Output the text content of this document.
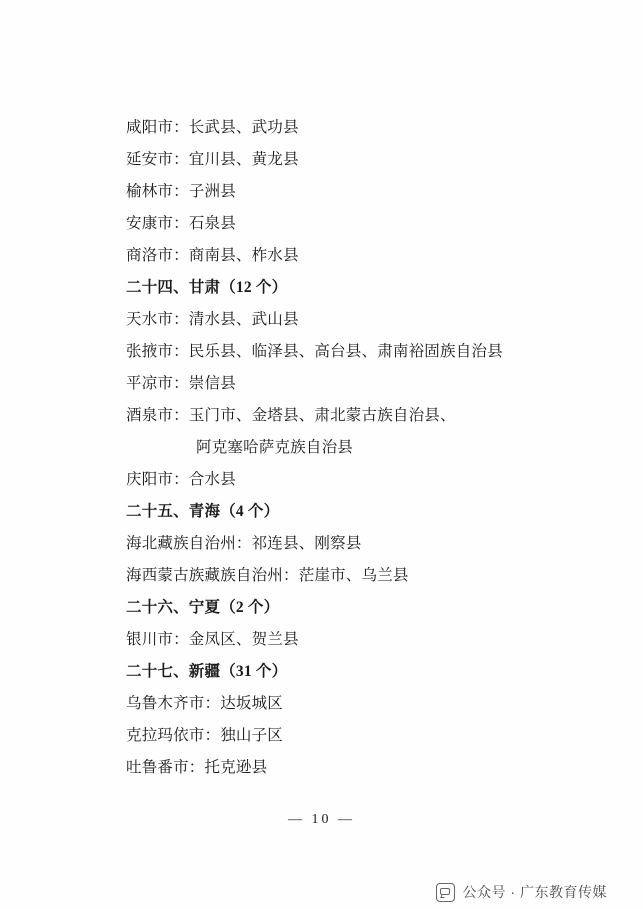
咸阳市：长武县、武功县
延安市：宜川县、黄龙县
榆林市：子洲县
安康市：石泉县
商洛市：商南县、柞水县
二十四、甘肃（12 个）
天水市：清水县、武山县
张掖市：民乐县、临泽县、高台县、肃南裕固族自治县
平凉市：崇信县
酒泉市：玉门市、金塔县、肃北蒙古族自治县、
阿克塞哈萨克族自治县
庆阳市：合水县
二十五、青海（4 个）
海北藏族自治州：祁连县、刚察县
海西蒙古族藏族自治州：茫崖市、乌兰县
二十六、宁夏（2 个）
银川市：金凤区、贺兰县
二十七、新疆（31 个）
乌鲁木齐市：达坂城区
克拉玛依市：独山子区
吐鲁番市：托克逊县
— 10 —
公众号 · 广东教育传媒
